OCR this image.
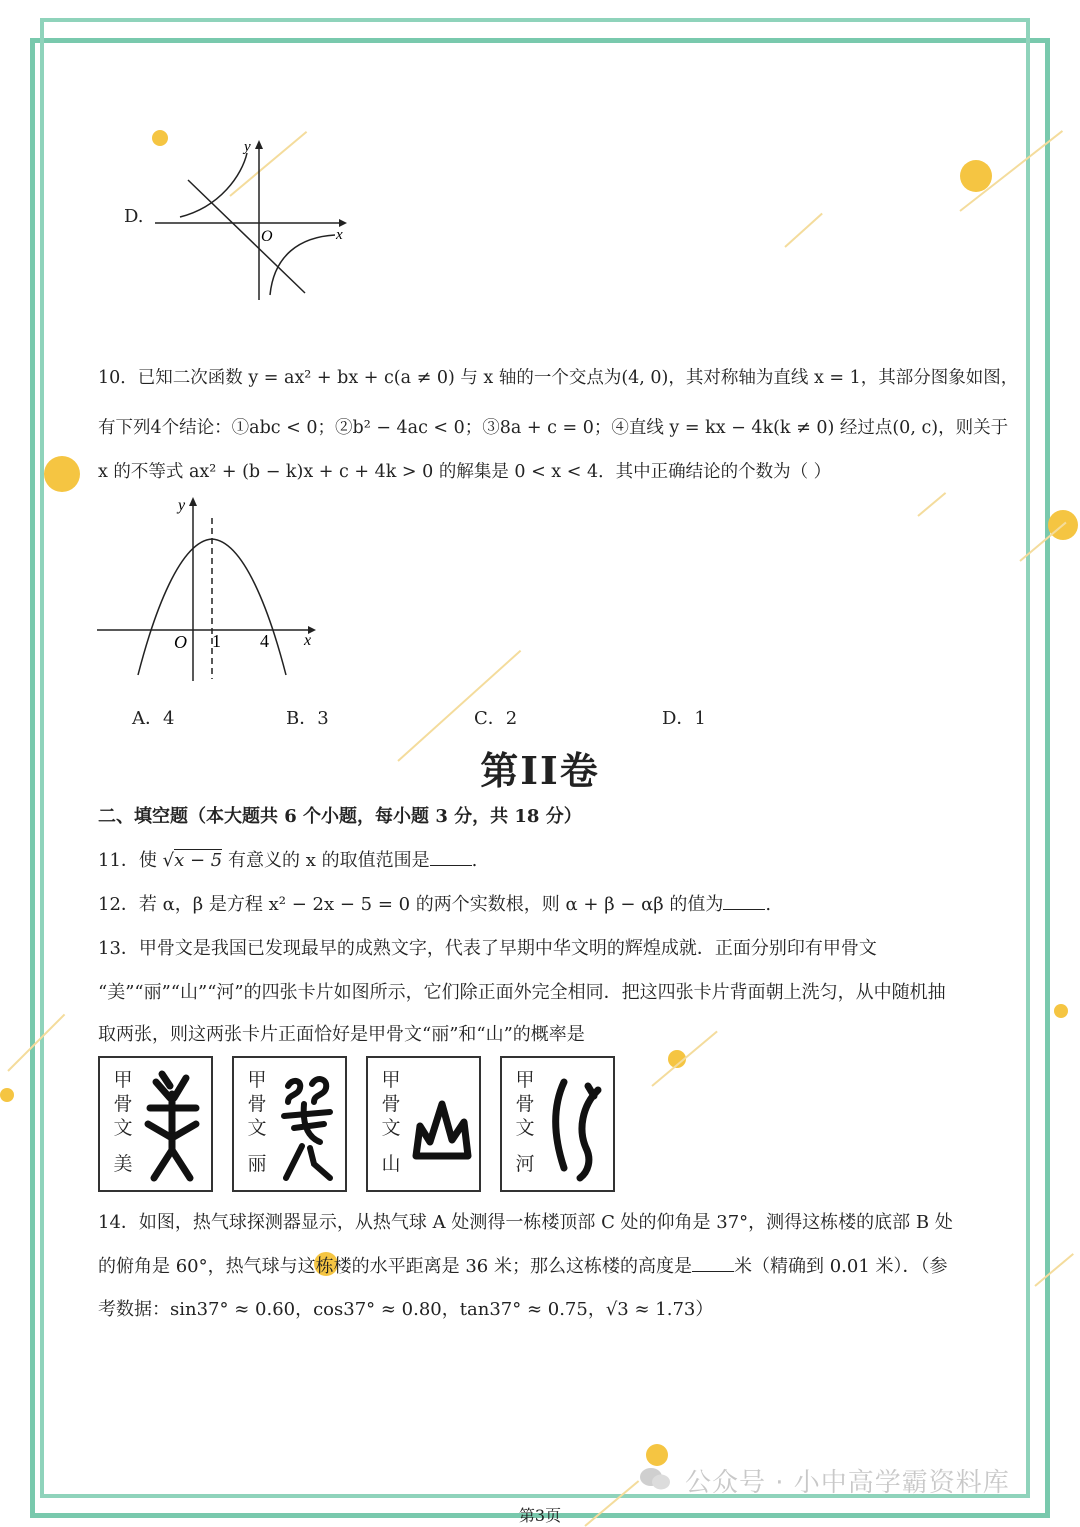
D.
y
x
O
10．已知二次函数 y = ax² + bx + c(a ≠ 0) 与 x 轴的一个交点为(4, 0)，其对称轴为直线 x = 1，其部分图象如图，
有下列4个结论：①abc < 0；②b² − 4ac < 0；③8a + c = 0；④直线 y = kx − 4k(k ≠ 0) 经过点(0, c)，则关于
x 的不等式 ax² + (b − k)x + c + 4k > 0 的解集是 0 < x < 4．其中正确结论的个数为（ ）
y
x
O 1 4
A．4	B．3	C．2	D．1
第II卷
二、填空题（本大题共 6 个小题，每小题 3 分，共 18 分）
11．使 √x − 5 有意义的 x 的取值范围是 .
12．若 α，β 是方程 x² − 2x − 5 = 0 的两个实数根，则 α + β − αβ 的值为 .
13．甲骨文是我国已发现最早的成熟文字，代表了早期中华文明的辉煌成就．正面分别印有甲骨文
“美”“丽”“山”“河”的四张卡片如图所示，它们除正面外完全相同．把这四张卡片背面朝上洗匀，从中随机抽
取两张，则这两张卡片正面恰好是甲骨文“丽”和“山”的概率是
甲骨文
美
甲骨文
丽
甲骨文
山
甲骨文
河
14．如图，热气球探测器显示，从热气球 A 处测得一栋楼顶部 C 处的仰角是 37°，测得这栋楼的底部 B 处
的俯角是 60°，热气球与这栋楼的水平距离是 36 米；那么这栋楼的高度是 米（精确到 0.01 米）．（参
考数据：sin37° ≈ 0.60，cos37° ≈ 0.80，tan37° ≈ 0.75，√3 ≈ 1.73）
公众号 · 小中高学霸资料库
第3页
